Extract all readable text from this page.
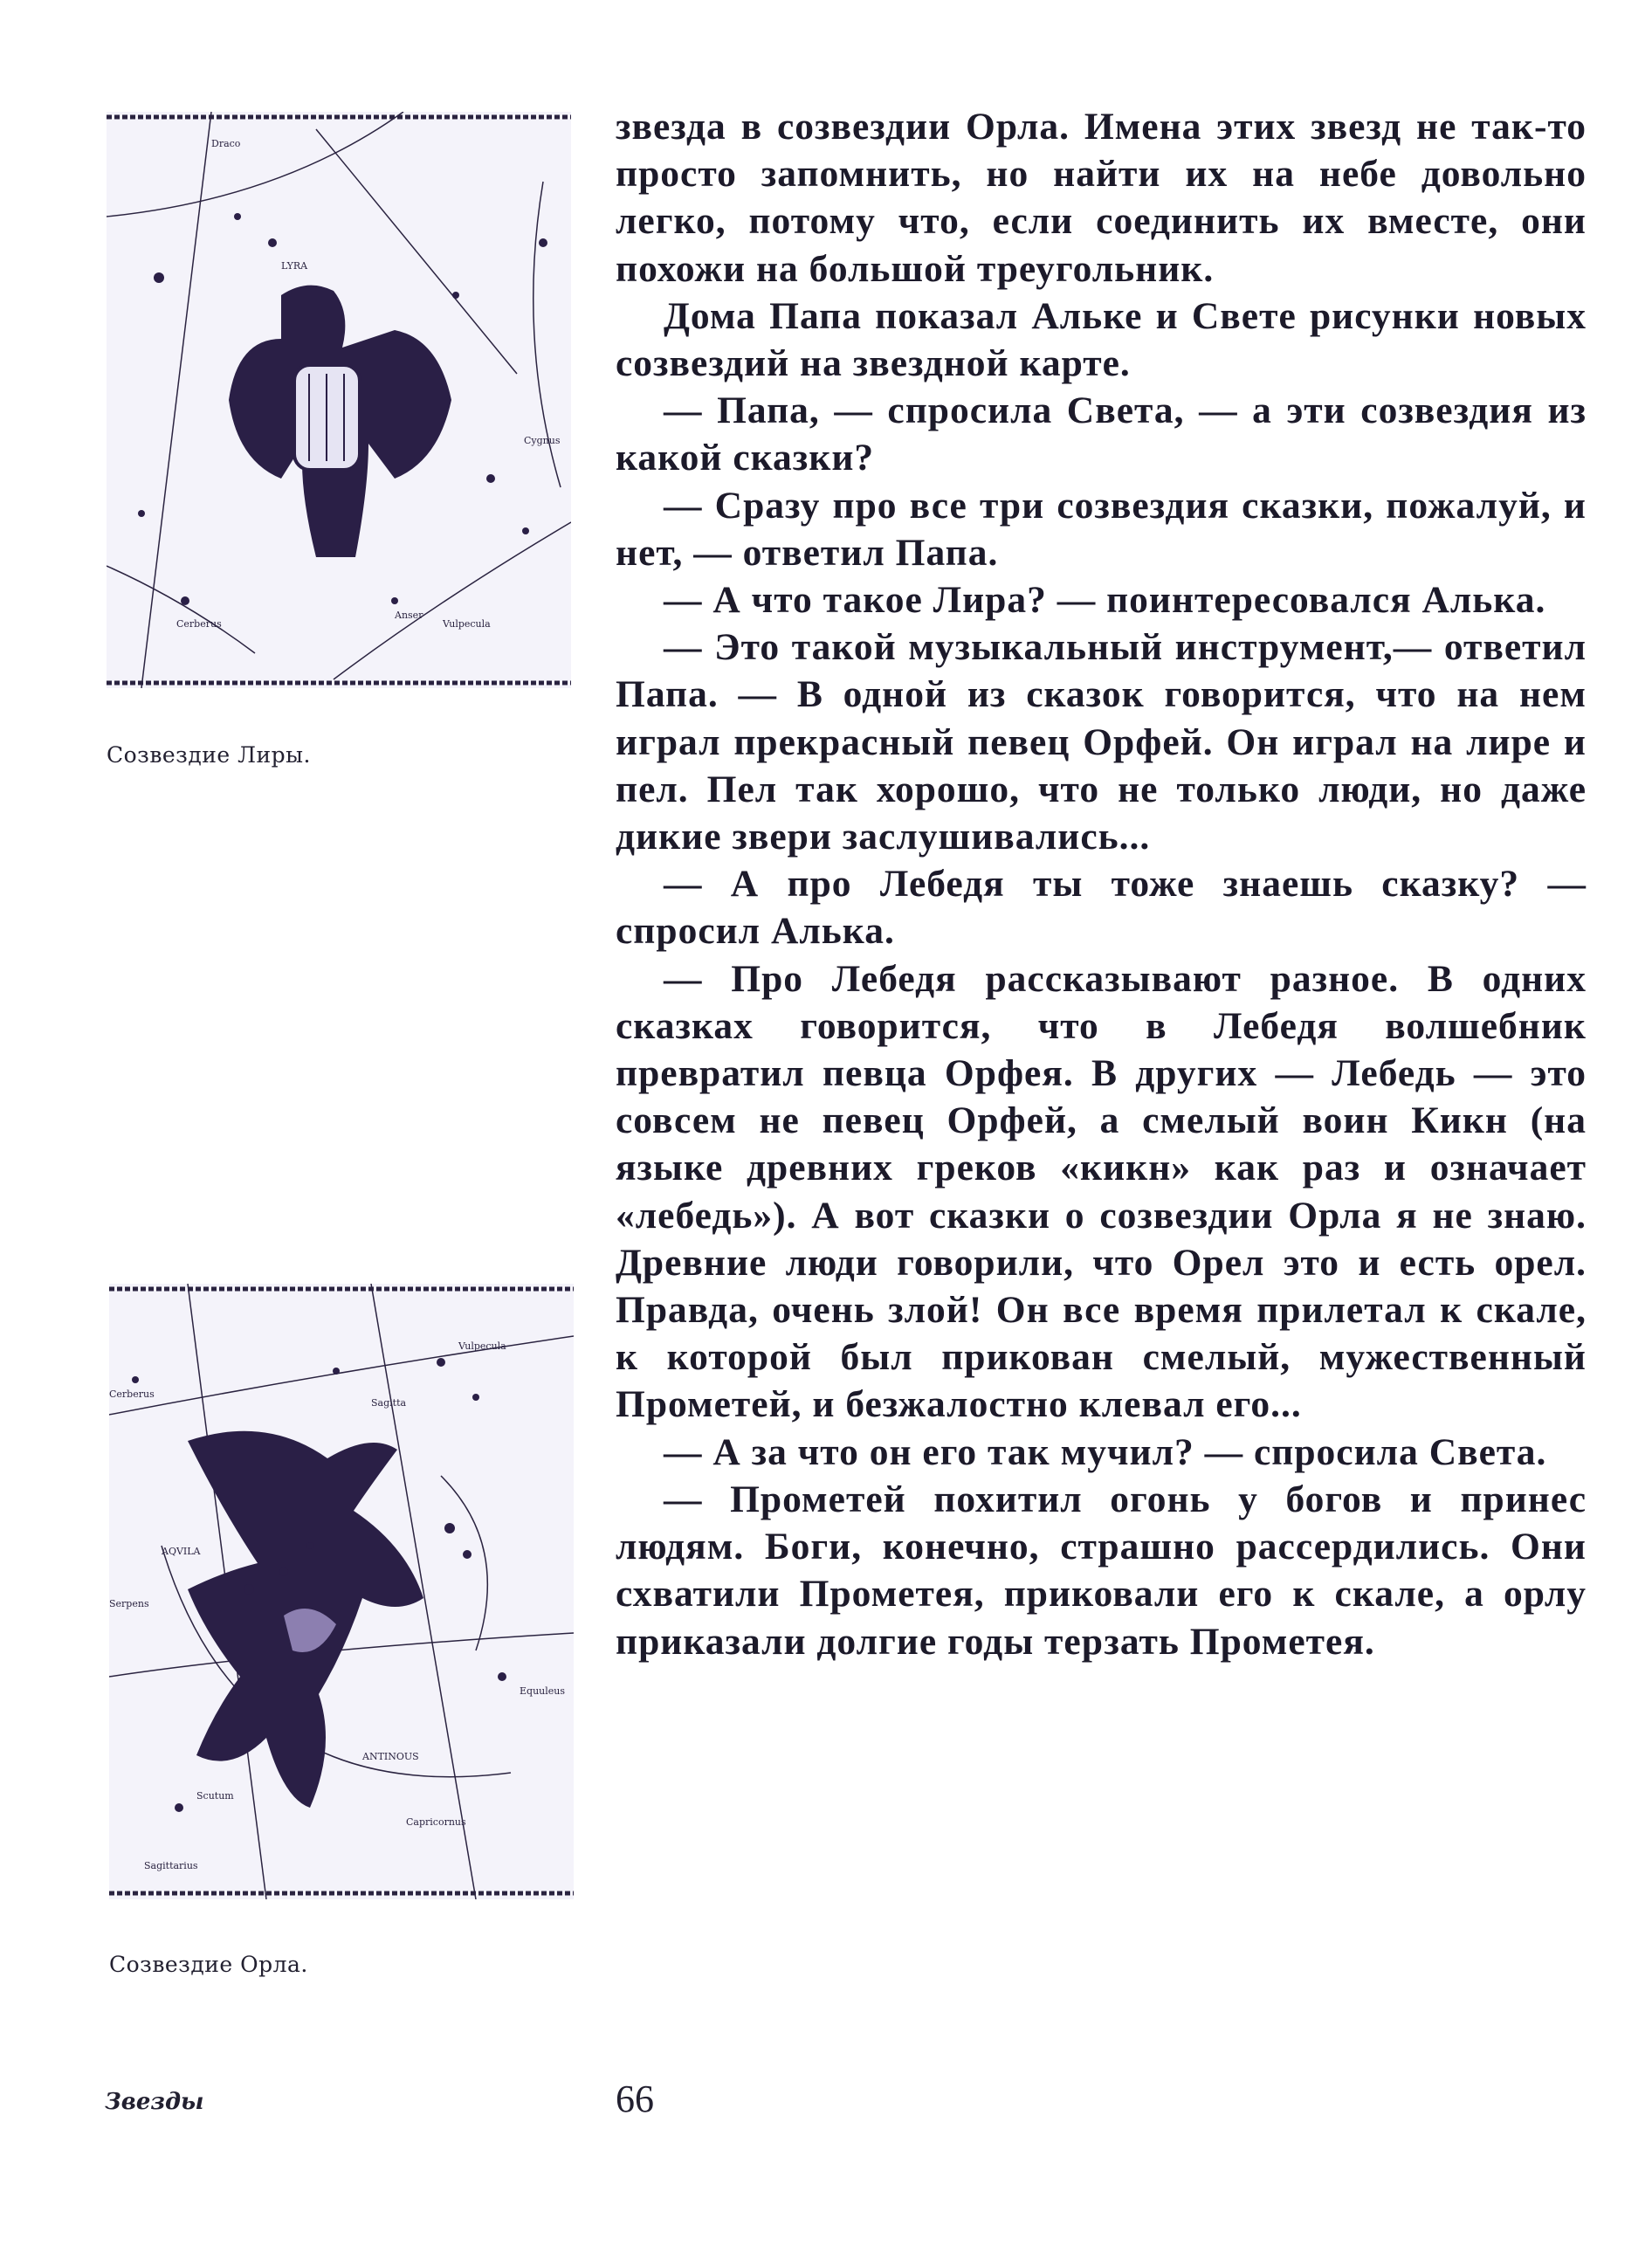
LYRA
Draco
Cerberus
Anser
Vulpecula
Cygnus
Созвездие Лиры.
AQVILA
ANTINOUS
Vulpecula
Sagitta
Cerberus
Serpens
Equuleus
Capricornus
Sagittarius
Scutum
Созвездие Орла.

звезда в созвездии Орла. Имена этих звезд не так-то просто запомнить, но найти их на небе довольно легко, потому что, если соединить их вместе, они похожи на большой треугольник.

Дома Папа показал Альке и Свете рисунки новых созвездий на звездной карте.

— Папа, — спросила Света, — а эти созвездия из какой сказки?

— Сразу про все три созвездия сказки, пожалуй, и нет, — ответил Папа.

— А что такое Лира? — поинтересовался Алька.

— Это такой музыкальный инструмент,— ответил Папа. — В одной из сказок говорится, что на нем играл прекрасный певец Орфей. Он играл на лире и пел. Пел так хорошо, что не только люди, но даже дикие звери заслушивались...

— А про Лебедя ты тоже знаешь сказку? — спросил Алька.

— Про Лебедя рассказывают разное. В одних сказках говорится, что в Лебедя волшебник превратил певца Орфея. В других — Лебедь — это совсем не певец Орфей, а смелый воин Кикн (на языке древних греков «кикн» как раз и означает «лебедь»). А вот сказки о созвездии Орла я не знаю. Древние люди говорили, что Орел это и есть орел. Правда, очень злой! Он все время прилетал к скале, к которой был прикован смелый, мужественный Прометей, и безжалостно клевал его...

— А за что он его так мучил? — спросила Света.

— Прометей похитил огонь у богов и принес людям. Боги, конечно, страшно рассердились. Они схватили Прометея, приковали его к скале, а орлу приказали долгие годы терзать Прометея.

Звезды	66
